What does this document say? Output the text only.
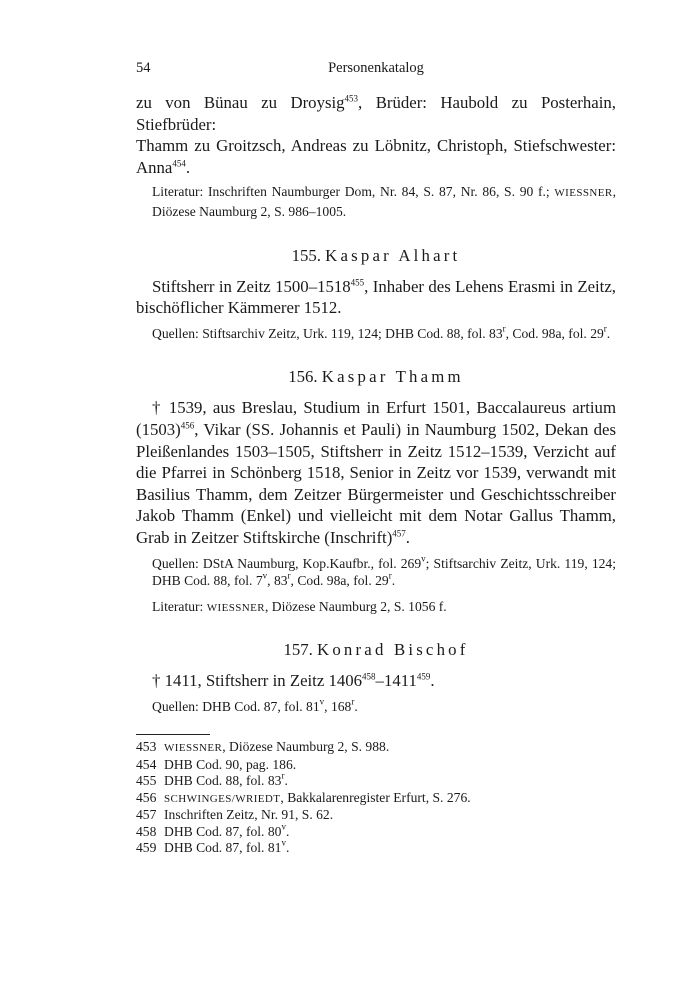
54	Personenkatalog

zu von Bünau zu Droysig$^{453}$, Brüder: Haubold zu Posterhain, Stiefbrüder:
Thamm zu Groitzsch, Andreas zu Löbnitz, Christoph, Stiefschwester: Anna$^{454}$.

Literatur: Inschriften Naumburger Dom, Nr. 84, S. 87, Nr. 86, S. 90 f.; WIESSNER, Diözese Naumburg 2, S. 986–1005.

155. Kaspar Alhart

Stiftsherr in Zeitz 1500–1518$^{455}$, Inhaber des Lehens Erasmi in Zeitz, bischöflicher Kämmerer 1512.

Quellen: Stiftsarchiv Zeitz, Urk. 119, 124; DHB Cod. 88, fol. 83$^r$, Cod. 98a, fol. 29$^r$.

156. Kaspar Thamm

† 1539, aus Breslau, Studium in Erfurt 1501, Baccalaureus artium $(1503)^{456}$, Vikar (SS. Johannis et Pauli) in Naumburg 1502, Dekan des Pleißenlandes 1503–1505, Stiftsherr in Zeitz 1512–1539, Verzicht auf die Pfarrei in Schönberg 1518, Senior in Zeitz vor 1539, verwandt mit Basilius Thamm, dem Zeitzer Bürgermeister und Geschichtsschreiber Jakob Thamm (Enkel) und vielleicht mit dem Notar Gallus Thamm, Grab in Zeitzer Stiftskirche (Inschrift)$^{457}$.

Quellen: DStA Naumburg, Kop.Kaufbr., fol. 269$^v$; Stiftsarchiv Zeitz, Urk. 119, 124; DHB Cod. 88, fol. 7$^v$, 83$^r$, Cod. 98a, fol. 29$^r$.

Literatur: WIESSNER, Diözese Naumburg 2, S. 1056 f.

157. Konrad Bischof

† 1411, Stiftsherr in Zeitz 1406$^{458}$–1411$^{459}$.

Quellen: DHB Cod. 87, fol. 81$^v$, 168$^r$.

453 WIESSNER, Diözese Naumburg 2, S. 988.
454 DHB Cod. 90, pag. 186.
455 DHB Cod. 88, fol. 83$^r$.
456 SCHWINGES/WRIEDT, Bakkalarenregister Erfurt, S. 276.
457 Inschriften Zeitz, Nr. 91, S. 62.
458 DHB Cod. 87, fol. 80$^v$.
459 DHB Cod. 87, fol. 81$^v$.
